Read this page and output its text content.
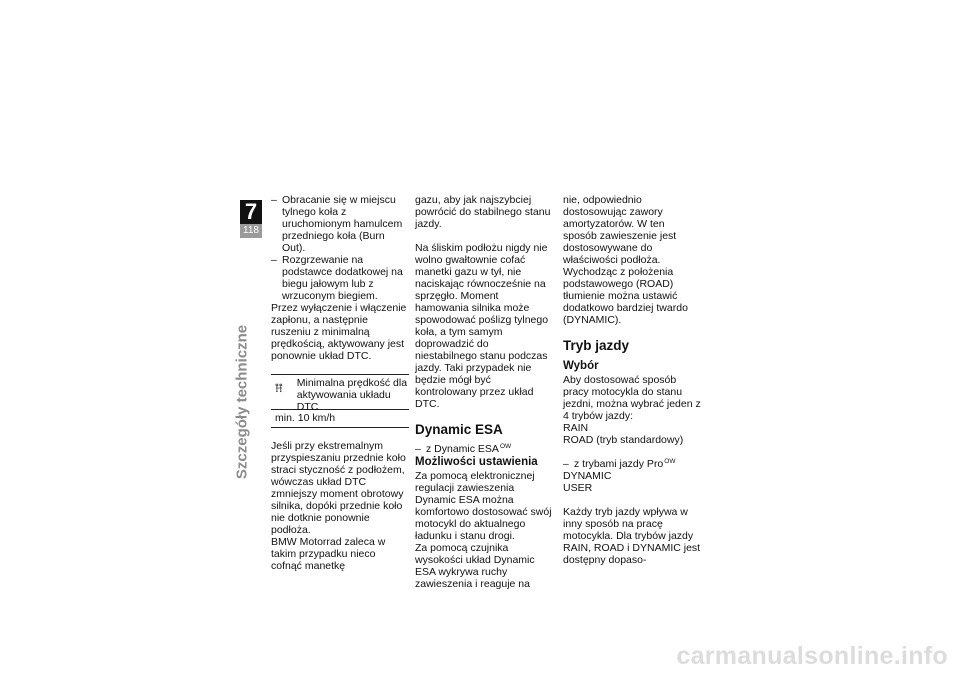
7
118
Szczegóły techniczne
– Obracanie się w miejscu tylnego koła z uruchomionym hamulcem przedniego koła (Burn Out).
– Rozgrzewanie na podstawce dodatkowej na biegu jałowym lub z wrzuconym biegiem.

Przez wyłączenie i włączenie zapłonu, a następnie ruszeniu z minimalną prędkością, aktywowany jest ponownie układ DTC.

Minimalna prędkość dla aktywowania układu DTC
min. 10 km/h

Jeśli przy ekstremalnym przyspieszaniu przednie koło straci styczność z podłożem, wówczas układ DTC zmniejszy moment obrotowy silnika, dopóki przednie koło nie dotknie ponownie podłoża.

BMW Motorrad zaleca w takim przypadku nieco cofnąć manetkę

gazu, aby jak najszybciej powrócić do stabilnego stanu jazdy.

Na śliskim podłożu nigdy nie wolno gwałtownie cofać manetki gazu w tył, nie naciskając równocześnie na sprzęgło. Moment hamowania silnika może spowodować poślizg tylnego koła, a tym samym doprowadzić do niestabilnego stanu podczas jazdy. Taki przypadek nie będzie mógł być kontrolowany przez układ DTC.

Dynamic ESA
– z Dynamic $ESA^{OW}$
Możliwości ustawienia

Za pomocą elektronicznej regulacji zawieszenia Dynamic ESA można komfortowo dostosować swój motocykl do aktualnego ładunku i stanu drogi.

Za pomocą czujnika wysokości układ Dynamic ESA wykrywa ruchy zawieszenia i reaguje na

nie, odpowiednio dostosowując zawory amortyzatorów. W ten sposób zawieszenie jest dostosowywane do właściwości podłoża. Wychodząc z położenia podstawowego (ROAD) tłumienie można ustawić dodatkowo bardziej twardo (DYNAMIC).

Tryb jazdy
Wybór

Aby dostosować sposób pracy motocykla do stanu jezdni, można wybrać jeden z 4 trybów jazdy:

RAIN
ROAD (tryb standardowy)
– z trybami jazdy Pro$^{OW}$
DYNAMIC
USER

Każdy tryb jazdy wpływa w inny sposób na pracę motocykla. Dla trybów jazdy RAIN, ROAD i DYNAMIC jest dostępny dopaso-

carmanualsonline.info
